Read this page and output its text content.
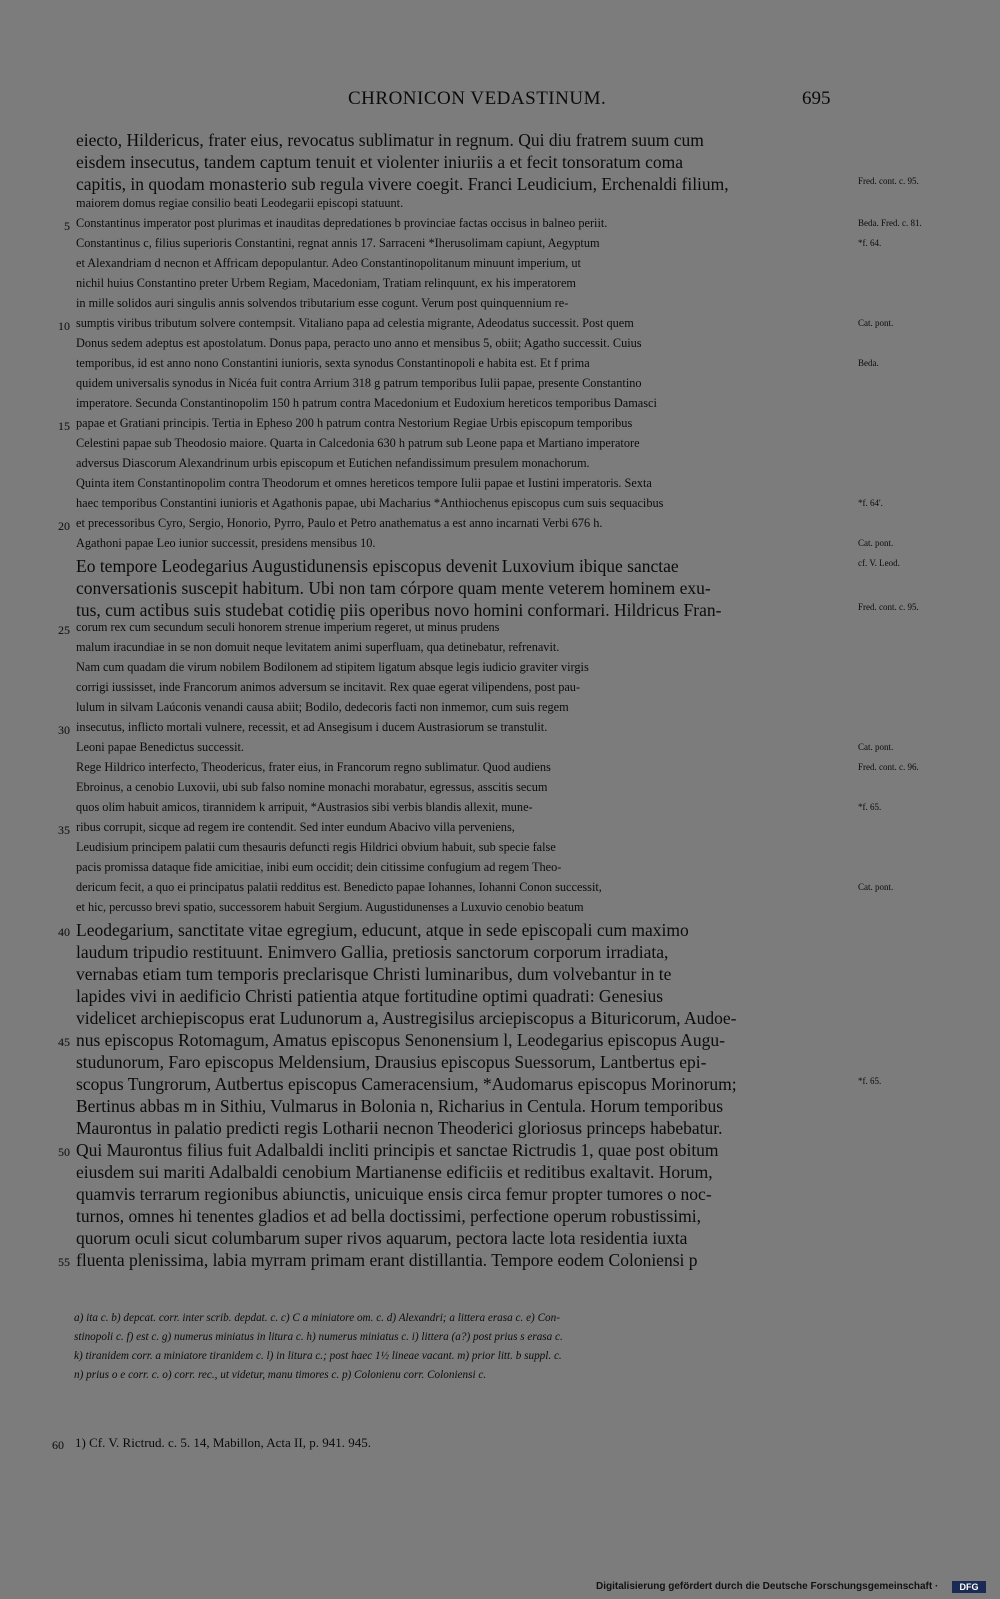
CHRONICON VEDASTINUM.	695
eiecto, Hildericus, frater eius, revocatus sublimatur in regnum. Qui diu fratrem suum cum
eisdem insecutus, tandem captum tenuit et violenter iniuriis a et fecit tonsoratum coma
capitis, in quodam monasterio sub regula vivere coegit. Franci Leudicium, Erchenaldi filium,	Fred. cont. c. 95.
maiorem domus regiae consilio beati Leodegarii episcopi statuunt.
5 Constantinus imperator post plurimas et inauditas depredationes b provinciae factas occisus in balneo periit.	Beda. Fred. c. 81.
Constantinus c, filius superioris Constantini, regnat annis 17. Sarraceni *Iherusolimam capiunt, Aegyptum	*f. 64.
et Alexandriam d necnon et Affricam depopulantur. Adeo Constantinopolitanum minuunt imperium, ut
nichil huius Constantino preter Urbem Regiam, Macedoniam, Tratiam relinquunt, ex his imperatorem
in mille solidos auri singulis annis solvendos tributarium esse cogunt. Verum post quinquennium re-
10 sumptis viribus tributum solvere contempsit. Vitaliano papa ad celestia migrante, Adeodatus successit. Post quem	Cat. pont.
Donus sedem adeptus est apostolatum. Donus papa, peracto uno anno et mensibus 5, obiit; Agatho successit. Cuius
temporibus, id est anno nono Constantini iunioris, sexta synodus Constantinopoli e habita est. Et f prima	Beda.
quidem universalis synodus in Nicéa fuit contra Arrium 318 g patrum temporibus Iulii papae, presente Constantino
imperatore. Secunda Constantinopolim 150 h patrum contra Macedonium et Eudoxium hereticos temporibus Damasci
15 papae et Gratiani principis. Tertia in Epheso 200 h patrum contra Nestorium Regiae Urbis episcopum temporibus
Celestini papae sub Theodosio maiore. Quarta in Calcedonia 630 h patrum sub Leone papa et Martiano imperatore
adversus Diascorum Alexandrinum urbis episcopum et Eutichen nefandissimum presulem monachorum.
Quinta item Constantinopolim contra Theodorum et omnes hereticos tempore Iulii papae et Iustini imperatoris. Sexta
haec temporibus Constantini iunioris et Agathonis papae, ubi Macharius *Anthiochenus episcopus cum suis sequacibus	*f. 64'.
20 et precessoribus Cyro, Sergio, Honorio, Pyrro, Paulo et Petro anathematus a est anno incarnati Verbi 676 h.
Agathoni papae Leo iunior successit, presidens mensibus 10.	Cat. pont.
Eo tempore Leodegarius Augustidunensis episcopus devenit Luxovium ibique sanctae	cf. V. Leod.
conversationis suscepit habitum. Ubi non tam córpore quam mente veterem hominem exu-
tus, cum actibus suis studebat cotidię piis operibus novo homini conformari. Hildricus Fran-	Fred. cont. c. 95.
25 corum rex cum secundum seculi honorem strenue imperium regeret, ut minus prudens
malum iracundiae in se non domuit neque levitatem animi superfluam, qua detinebatur, refrenavit.
Nam cum quadam die virum nobilem Bodilonem ad stipitem ligatum absque legis iudicio graviter virgis
corrigi iussisset, inde Francorum animos adversum se incitavit. Rex quae egerat vilipendens, post pau-
lulum in silvam Laúconis venandi causa abiit; Bodilo, dedecoris facti non inmemor, cum suis regem
30 insecutus, inflicto mortali vulnere, recessit, et ad Ansegisum i ducem Austrasiorum se transtulit.
Leoni papae Benedictus successit.	Cat. pont.
Rege Hildrico interfecto, Theodericus, frater eius, in Francorum regno sublimatur. Quod audiens	Fred. cont. c. 96.
Ebroinus, a cenobio Luxovii, ubi sub falso nomine monachi morabatur, egressus, asscitis secum
quos olim habuit amicos, tirannidem k arripuit, *Austrasios sibi verbis blandis allexit, mune-	*f. 65.
35 ribus corrupit, sicque ad regem ire contendit. Sed inter eundum Abacivo villa perveniens,
Leudisium principem palatii cum thesauris defuncti regis Hildrici obvium habuit, sub specie false
pacis promissa dataque fide amicitiae, inibi eum occidit; dein citissime confugium ad regem Theo-
dericum fecit, a quo ei principatus palatii redditus est. Benedicto papae Iohannes, Iohanni Conon successit,	Cat. pont.
et hic, percusso brevi spatio, successorem habuit Sergium. Augustidunenses a Luxuvio cenobio beatum
40 Leodegarium, sanctitate vitae egregium, educunt, atque in sede episcopali cum maximo
laudum tripudio restituunt. Enimvero Gallia, pretiosis sanctorum corporum irradiata,
vernabas etiam tum temporis preclarisque Christi luminaribus, dum volvebantur in te
lapides vivi in aedificio Christi patientia atque fortitudine optimi quadrati: Genesius
videlicet archiepiscopus erat Ludunorum a, Austregisilus arciepiscopus a Bituricorum, Audoe-
45 nus episcopus Rotomagum, Amatus episcopus Senonensium l, Leodegarius episcopus Augu-
studunorum, Faro episcopus Meldensium, Drausius episcopus Suessorum, Lantbertus epi-
scopus Tungrorum, Autbertus episcopus Cameracensium, *Audomarus episcopus Morinorum;	*f. 65.
Bertinus abbas m in Sithiu, Vulmarus in Bolonia n, Richarius in Centula. Horum temporibus
Maurontus in palatio predicti regis Lotharii necnon Theoderici gloriosus princeps habebatur.
50 Qui Maurontus filius fuit Adalbaldi incliti principis et sanctae Rictrudis 1, quae post obitum
eiusdem sui mariti Adalbaldi cenobium Martianense edificiis et reditibus exaltavit. Horum,
quamvis terrarum regionibus abiunctis, unicuique ensis circa femur propter tumores o noc-
turnos, omnes hi tenentes gladios et ad bella doctissimi, perfectione operum robustissimi,
quorum oculi sicut columbarum super rivos aquarum, pectora lacte lota residentia iuxta
55 fluenta plenissima, labia myrram primam erant distillantia. Tempore eodem Coloniensi p
a) ita c. b) depcat. corr. inter scrib. depdat. c. c) C a miniatore om. c. d) Alexandri; a littera erasa c. e) Con-
stinopoli c. f) est c. g) numerus miniatus in litura c. h) numerus miniatus c. i) littera (a?) post prius s erasa c.
k) tiranidem corr. a miniatore tiranidem c. l) in litura c.; post haec 1½ lineae vacant. m) prior litt. b suppl. c.
n) prius o e corr. c. o) corr. rec., ut videtur, manu timores c. p) Colonienu corr. Coloniensi c.
60 1) Cf. V. Rictrud. c. 5. 14, Mabillon, Acta II, p. 941. 945.
Digitalisierung gefördert durch die Deutsche Forschungsgemeinschaft ·	DFG
